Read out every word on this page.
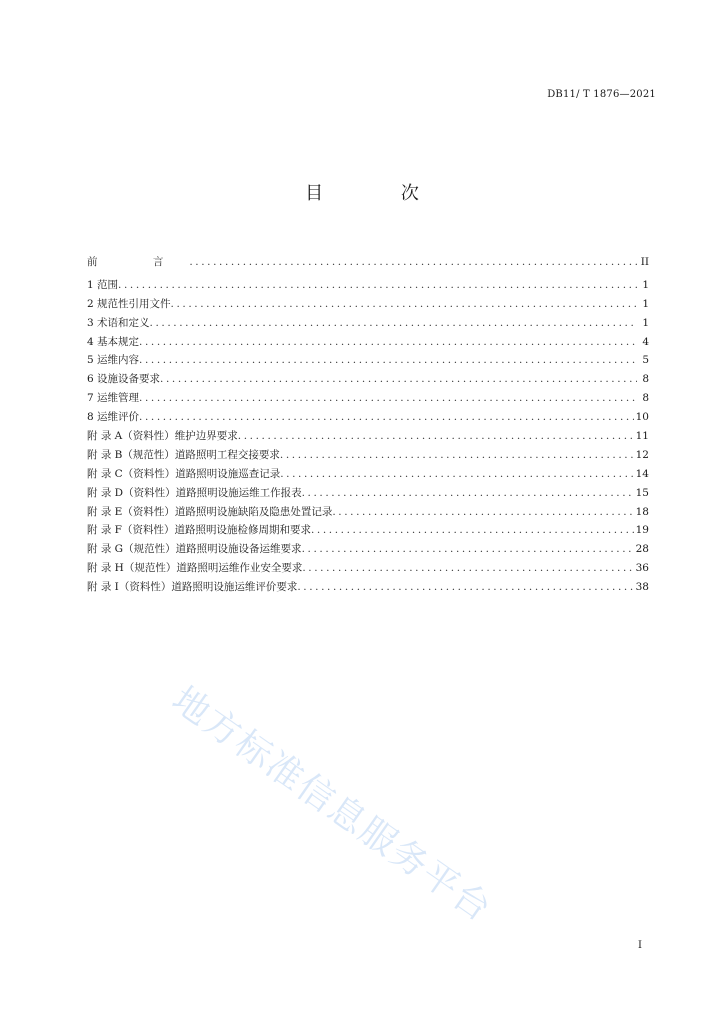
DB11/ T 1876—2021
目 次
前 言 .....	II
1 范围 .....	1
2 规范性引用文件 .....	1
3 术语和定义 .....	1
4 基本规定 .....	4
5 运维内容 .....	5
6 设施设备要求 .....	8
7 运维管理 .....	8
8 运维评价 .....	10
附 录 A（资料性）维护边界要求 .....	11
附 录 B（规范性）道路照明工程交接要求 .....	12
附 录 C（资料性）道路照明设施巡查记录 .....	14
附 录 D（资料性）道路照明设施运维工作报表 .....	15
附 录 E（资料性）道路照明设施缺陷及隐患处置记录 .....	18
附 录 F（资料性）道路照明设施检修周期和要求 .....	19
附 录 G（规范性）道路照明设施设备运维要求 .....	28
附 录 H（规范性）道路照明运维作业安全要求 .....	36
附 录 I（资料性）道路照明设施运维评价要求 .....	38
地方标准信息服务平台
I
